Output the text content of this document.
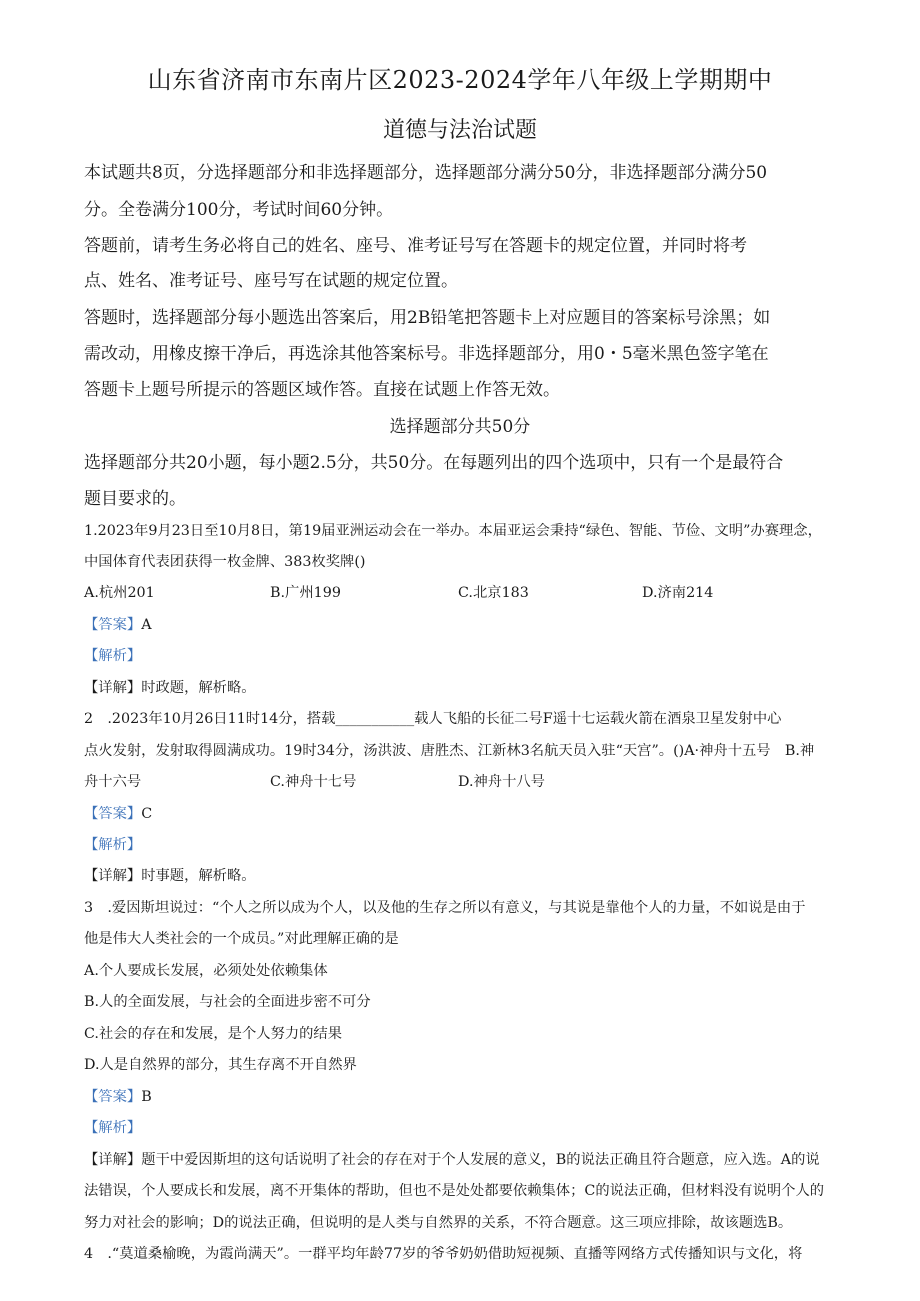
山东省济南市东南片区2023-2024学年八年级上学期期中
道德与法治试题
本试题共8页，分选择题部分和非选择题部分，选择题部分满分50分，非选择题部分满分50
分。全卷满分100分，考试时间60分钟。
答题前，请考生务必将自己的姓名、座号、准考证号写在答题卡的规定位置，并同时将考
点、姓名、准考证号、座号写在试题的规定位置。
答题时，选择题部分每小题选出答案后，用2B铅笔把答题卡上对应题目的答案标号涂黑；如
需改动，用橡皮擦干净后，再选涂其他答案标号。非选择题部分，用0・5毫米黑色签字笔在
答题卡上题号所提示的答题区域作答。直接在试题上作答无效。
选择题部分共50分
选择题部分共20小题，每小题2.5分，共50分。在每题列出的四个选项中，只有一个是最符合
题目要求的。
1.2023年9月23日至10月8日，第19届亚洲运动会在一举办。本届亚运会秉持“绿色、智能、节俭、文明”办赛理念，
中国体育代表团获得一枚金牌、383枚奖牌()
A.杭州201	B.广州199	C.北京183	D.济南214
【答案】A
【解析】
【详解】时政题，解析略。
2　.2023年10月26日11时14分，搭载___________载人飞船的长征二号F遥十七运载火箭在酒泉卫星发射中心
点火发射，发射取得圆满成功。19时34分，汤洪波、唐胜杰、江新林3名航天员入驻“天宫”。()A·神舟十五号　B.神
舟十六号	C.神舟十七号	D.神舟十八号
【答案】C
【解析】
【详解】时事题，解析略。
3　.爱因斯坦说过：“个人之所以成为个人，以及他的生存之所以有意义，与其说是靠他个人的力量，不如说是由于
他是伟大人类社会的一个成员。”对此理解正确的是
A.个人要成长发展，必须处处依赖集体
B.人的全面发展，与社会的全面进步密不可分
C.社会的存在和发展，是个人努力的结果
D.人是自然界的部分，其生存离不开自然界
【答案】B
【解析】
【详解】题干中爱因斯坦的这句话说明了社会的存在对于个人发展的意义，B的说法正确且符合题意，应入选。A的说
法错误，个人要成长和发展，离不开集体的帮助，但也不是处处都要依赖集体；C的说法正确，但材料没有说明个人的
努力对社会的影响；D的说法正确，但说明的是人类与自然界的关系，不符合题意。这三项应排除，故该题选B。
4　.“莫道桑榆晚，为霞尚满天”。一群平均年龄77岁的爷爷奶奶借助短视频、直播等网络方式传播知识与文化，将
